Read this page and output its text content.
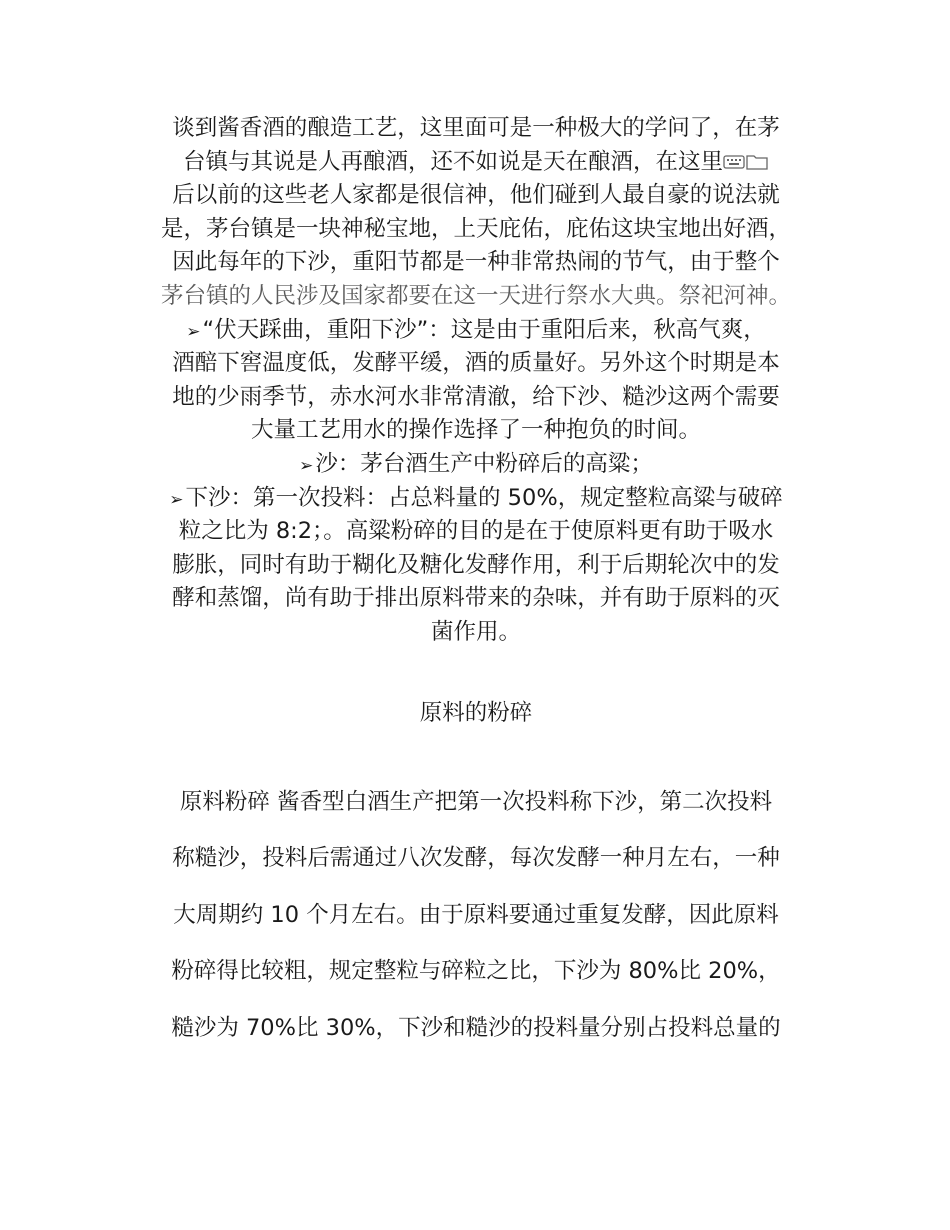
谈到酱香酒的酿造工艺，这里面可是一种极大的学问了，在茅
台镇与其说是人再酿酒，还不如说是天在酿酒，在这里
后以前的这些老人家都是很信神，他们碰到人最自豪的说法就
是，茅台镇是一块神秘宝地，上天庇佑，庇佑这块宝地出好酒，
因此每年的下沙，重阳节都是一种非常热闹的节气，由于整个
茅台镇的人民涉及国家都要在这一天进行祭水大典。祭祀河神。
➢“伏天踩曲，重阳下沙”：这是由于重阳后来，秋高气爽，
酒醅下窖温度低，发酵平缓，酒的质量好。另外这个时期是本
地的少雨季节，赤水河水非常清澈，给下沙、糙沙这两个需要
大量工艺用水的操作选择了一种抱负的时间。
➢沙：茅台酒生产中粉碎后的高粱；
➢下沙：第一次投料：占总料量的 50%，规定整粒高粱与破碎
粒之比为 8:2；。高粱粉碎的目的是在于使原料更有助于吸水
膨胀，同时有助于糊化及糖化发酵作用，利于后期轮次中的发
酵和蒸馏，尚有助于排出原料带来的杂味，并有助于原料的灭
菌作用。
原料的粉碎
原料粉碎 酱香型白酒生产把第一次投料称下沙，第二次投料
称糙沙，投料后需通过八次发酵，每次发酵一种月左右，一种
大周期约 10 个月左右。由于原料要通过重复发酵，因此原料
粉碎得比较粗，规定整粒与碎粒之比，下沙为 80%比 20%，
糙沙为 70%比 30%，下沙和糙沙的投料量分别占投料总量的
